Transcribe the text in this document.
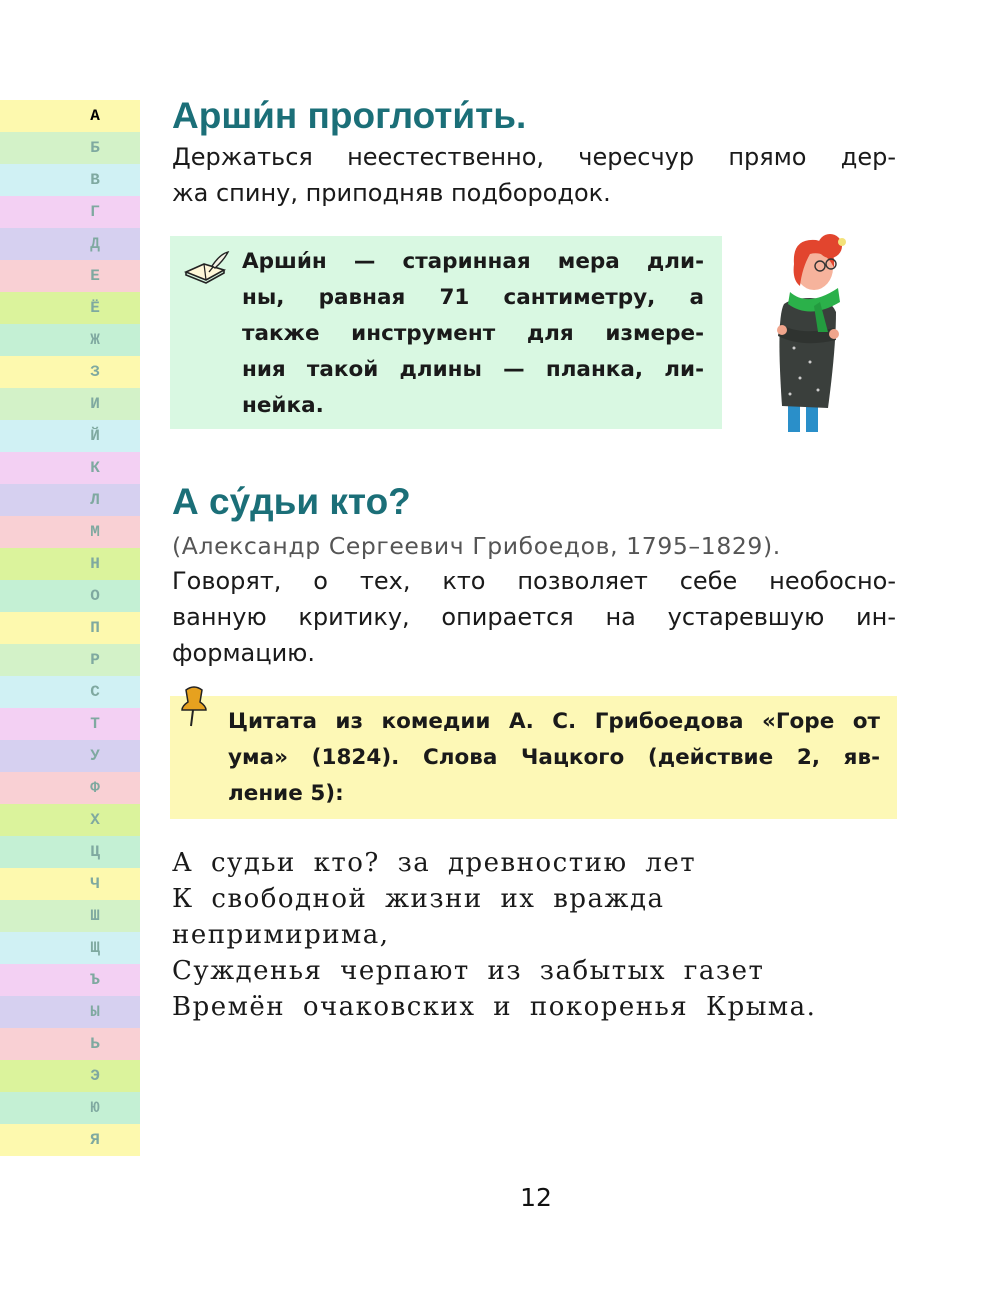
А
Б
В
Г
Д
Е
Ё
Ж
З
И
Й
К
Л
М
Н
О
П
Р
С
Т
У
Ф
Х
Ц
Ч
Ш
Щ
Ъ
Ы
Ь
Э
Ю
Я
Арши́н проглоти́ть.
Держаться неестественно, чересчур прямо дер-
жа спину, приподняв подбородок.
Арши́н — старинная мера дли-
ны, равная 71 сантиметру, а
также инструмент для измере-
ния такой длины — планка, ли-
нейка.
А су́дьи кто?
(Александр Сергеевич Грибоедов, 1795–1829).
Говорят, о тех, кто позволяет себе необосно-
ванную критику, опирается на устаревшую ин-
формацию.
Цитата из комедии А. С. Грибоедова «Горе от
ума» (1824). Слова Чацкого (действие 2, яв-
ление 5):
А судьи кто? за древностию лет
К свободной жизни их вражда
непримирима,
Сужденья черпают из забытых газет
Времён очаковских и покоренья Крыма.
12
